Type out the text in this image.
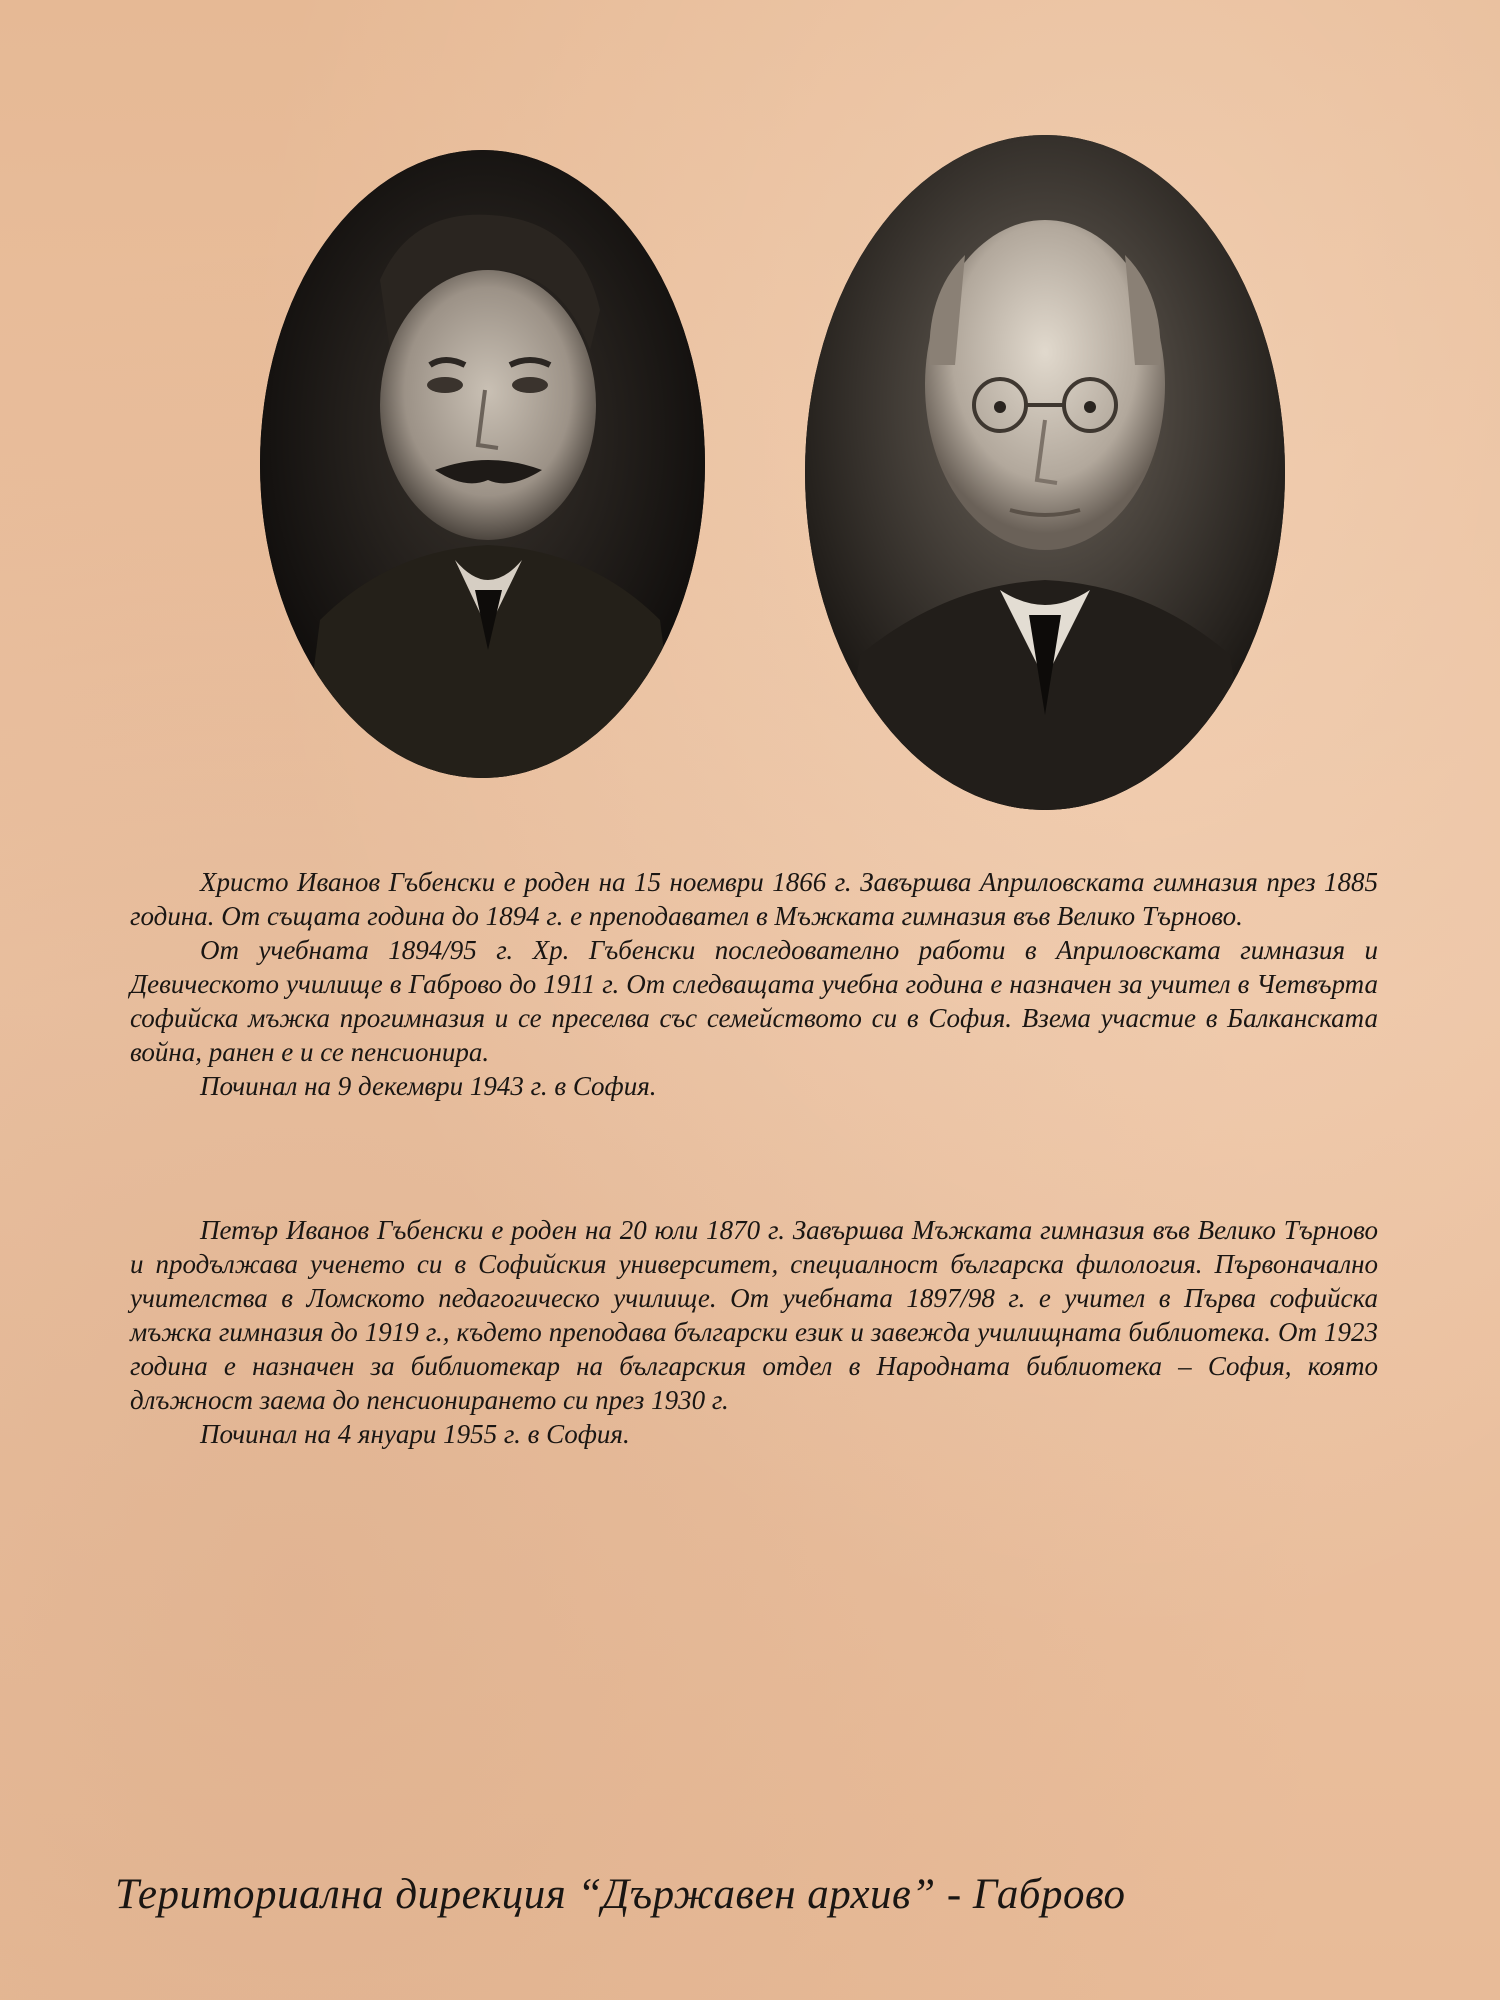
Христо Иванов Гъбенски е роден на 15 ноември 1866 г. Завършва Априловската гимназия през 1885 година. От същата година до 1894 г. е преподавател в Мъжката гимназия във Велико Търново.

От учебната 1894/95 г. Хр. Гъбенски последователно работи в Априловската гимназия и Девическото училище в Габрово до 1911 г. От следващата учебна година е назначен за учител в Четвърта софийска мъжка прогимназия и се преселва със семейството си в София. Взема участие в Балканската война, ранен е и се пенсионира.

Починал на 9 декември 1943 г. в София.

Петър Иванов Гъбенски е роден на 20 юли 1870 г. Завършва Мъжката гимназия във Велико Търново и продължава ученето си в Софийския университет, специалност българска филология. Първоначално учителства в Ломското педагогическо училище. От учебната 1897/98 г. е учител в Първа софийска мъжка гимназия до 1919 г., където преподава български език и завежда училищната библиотека. От 1923 година е назначен за библиотекар на българския отдел в Народната библиотека – София, която длъжност заема до пенсионирането си през 1930 г.

Починал на 4 януари 1955 г. в София.

Териториална дирекция “Държавен архив” - Габрово
